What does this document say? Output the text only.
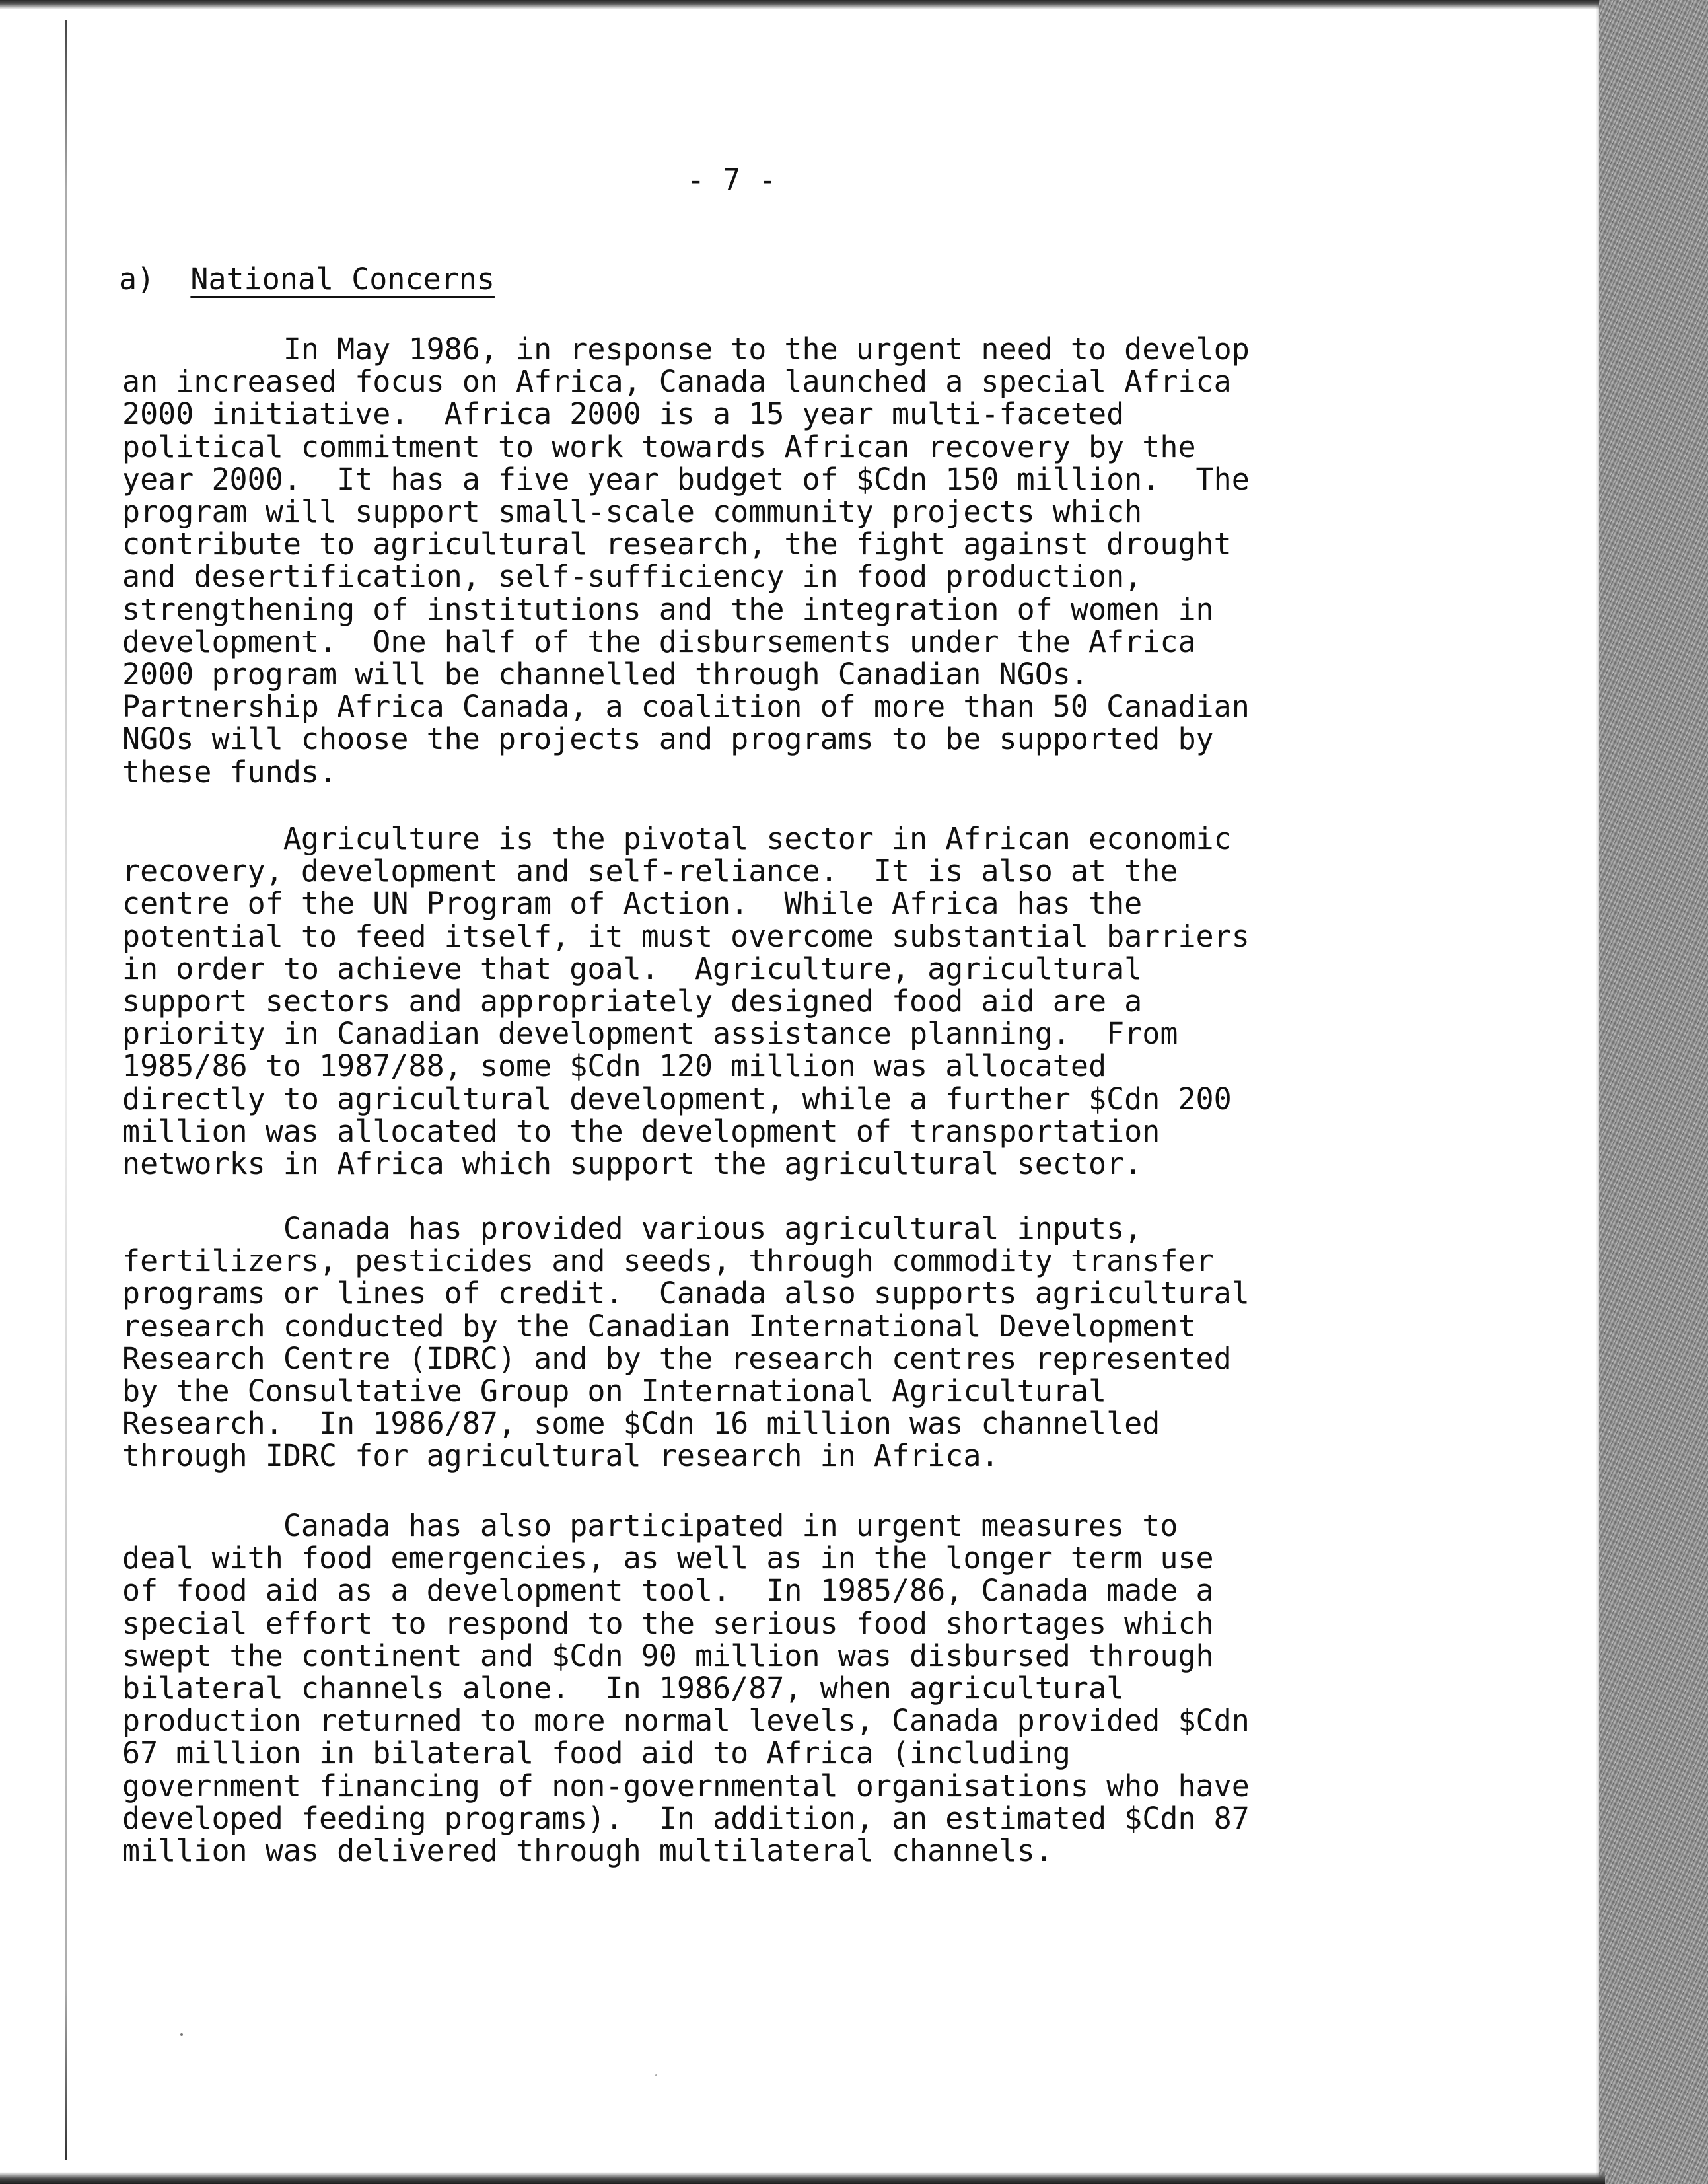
- 7 -
a) National Concerns
In May 1986, in response to the urgent need to develop
an increased focus on Africa, Canada launched a special Africa
2000 initiative.  Africa 2000 is a 15 year multi-faceted
political commitment to work towards African recovery by the
year 2000.  It has a five year budget of $Cdn 150 million.  The
program will support small-scale community projects which
contribute to agricultural research, the fight against drought
and desertification, self-sufficiency in food production,
strengthening of institutions and the integration of women in
development.  One half of the disbursements under the Africa
2000 program will be channelled through Canadian NGOs.
Partnership Africa Canada, a coalition of more than 50 Canadian
NGOs will choose the projects and programs to be supported by
these funds.
Agriculture is the pivotal sector in African economic
recovery, development and self-reliance.  It is also at the
centre of the UN Program of Action.  While Africa has the
potential to feed itself, it must overcome substantial barriers
in order to achieve that goal.  Agriculture, agricultural
support sectors and appropriately designed food aid are a
priority in Canadian development assistance planning.  From
1985/86 to 1987/88, some $Cdn 120 million was allocated
directly to agricultural development, while a further $Cdn 200
million was allocated to the development of transportation
networks in Africa which support the agricultural sector.
Canada has provided various agricultural inputs,
fertilizers, pesticides and seeds, through commodity transfer
programs or lines of credit.  Canada also supports agricultural
research conducted by the Canadian International Development
Research Centre (IDRC) and by the research centres represented
by the Consultative Group on International Agricultural
Research.  In 1986/87, some $Cdn 16 million was channelled
through IDRC for agricultural research in Africa.
Canada has also participated in urgent measures to
deal with food emergencies, as well as in the longer term use
of food aid as a development tool.  In 1985/86, Canada made a
special effort to respond to the serious food shortages which
swept the continent and $Cdn 90 million was disbursed through
bilateral channels alone.  In 1986/87, when agricultural
production returned to more normal levels, Canada provided $Cdn
67 million in bilateral food aid to Africa (including
government financing of non-governmental organisations who have
developed feeding programs).  In addition, an estimated $Cdn 87
million was delivered through multilateral channels.
